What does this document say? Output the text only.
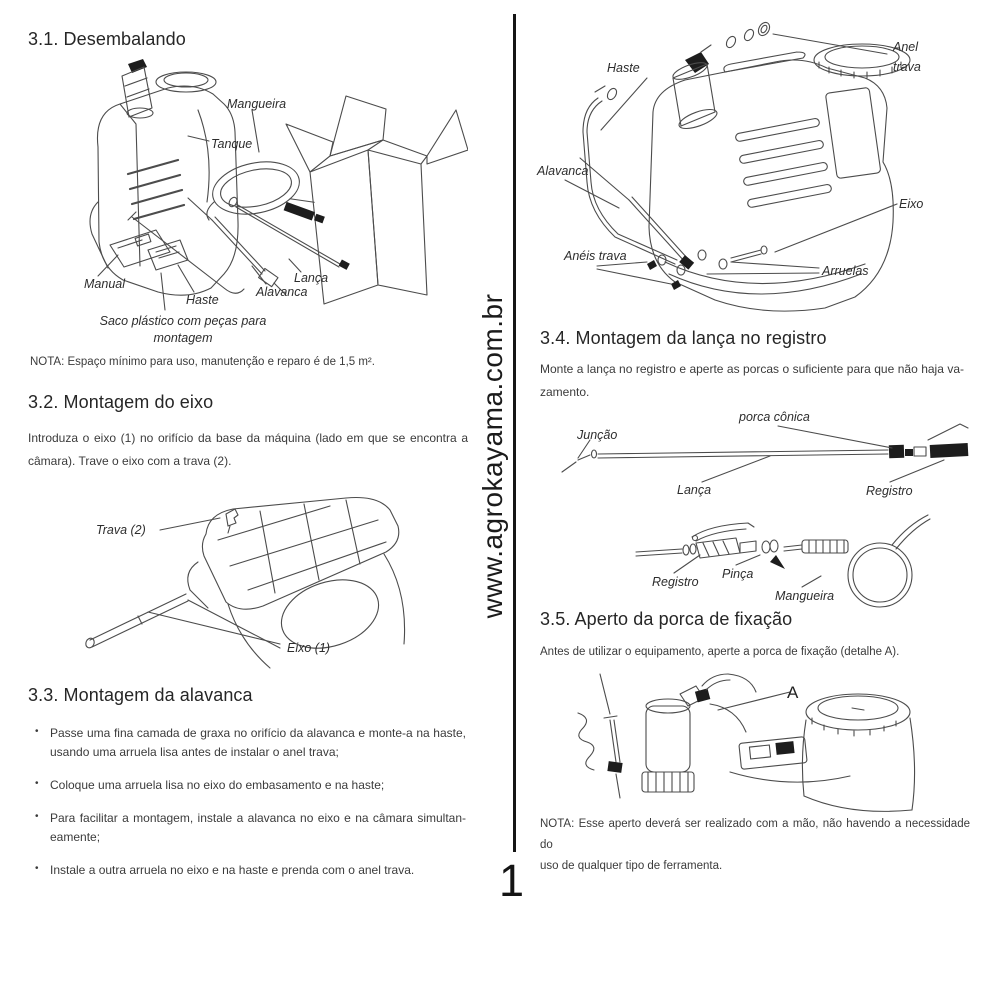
www.agrokayama.com.br
1
3.1. Desembalando
Mangueira
Tanque
Manual
Haste
Alavanca
Lança
Saco plástico com peças para
montagem
NOTA: Espaço mínimo para uso, manutenção e reparo é de 1,5 m².
3.2. Montagem do eixo
Introduza o eixo (1) no orifício da base da máquina (lado em que se encontra a
câmara). Trave o eixo com a trava (2).
Trava (2)
Eixo (1)
3.3. Montagem da alavanca
• Passe uma fina camada de graxa no orifício da alavanca e monte-a na haste,
usando uma arruela lisa antes de instalar o anel trava;
• Coloque uma arruela lisa no eixo do embasamento e na haste;
• Para facilitar a montagem, instale a alavanca no eixo e na câmara simultan-
eamente;
• Instale a outra arruela no eixo e na haste e prenda com o anel trava.
Haste
Anel
trava
Alavanca
Anéis trava
Eixo
Arruelas
3.4. Montagem da lança no registro
Monte a lança no registro e aperte as porcas o suficiente para que não haja va-
zamento.
Junção
porca cônica
Lança	Registro
Registro
Pinça
Mangueira
3.5. Aperto da porca de fixação
Antes de utilizar o equipamento, aperte a porca de fixação (detalhe A).
A
NOTA: Esse aperto deverá ser realizado com a mão, não havendo a necessidade do
uso de qualquer tipo de ferramenta.
